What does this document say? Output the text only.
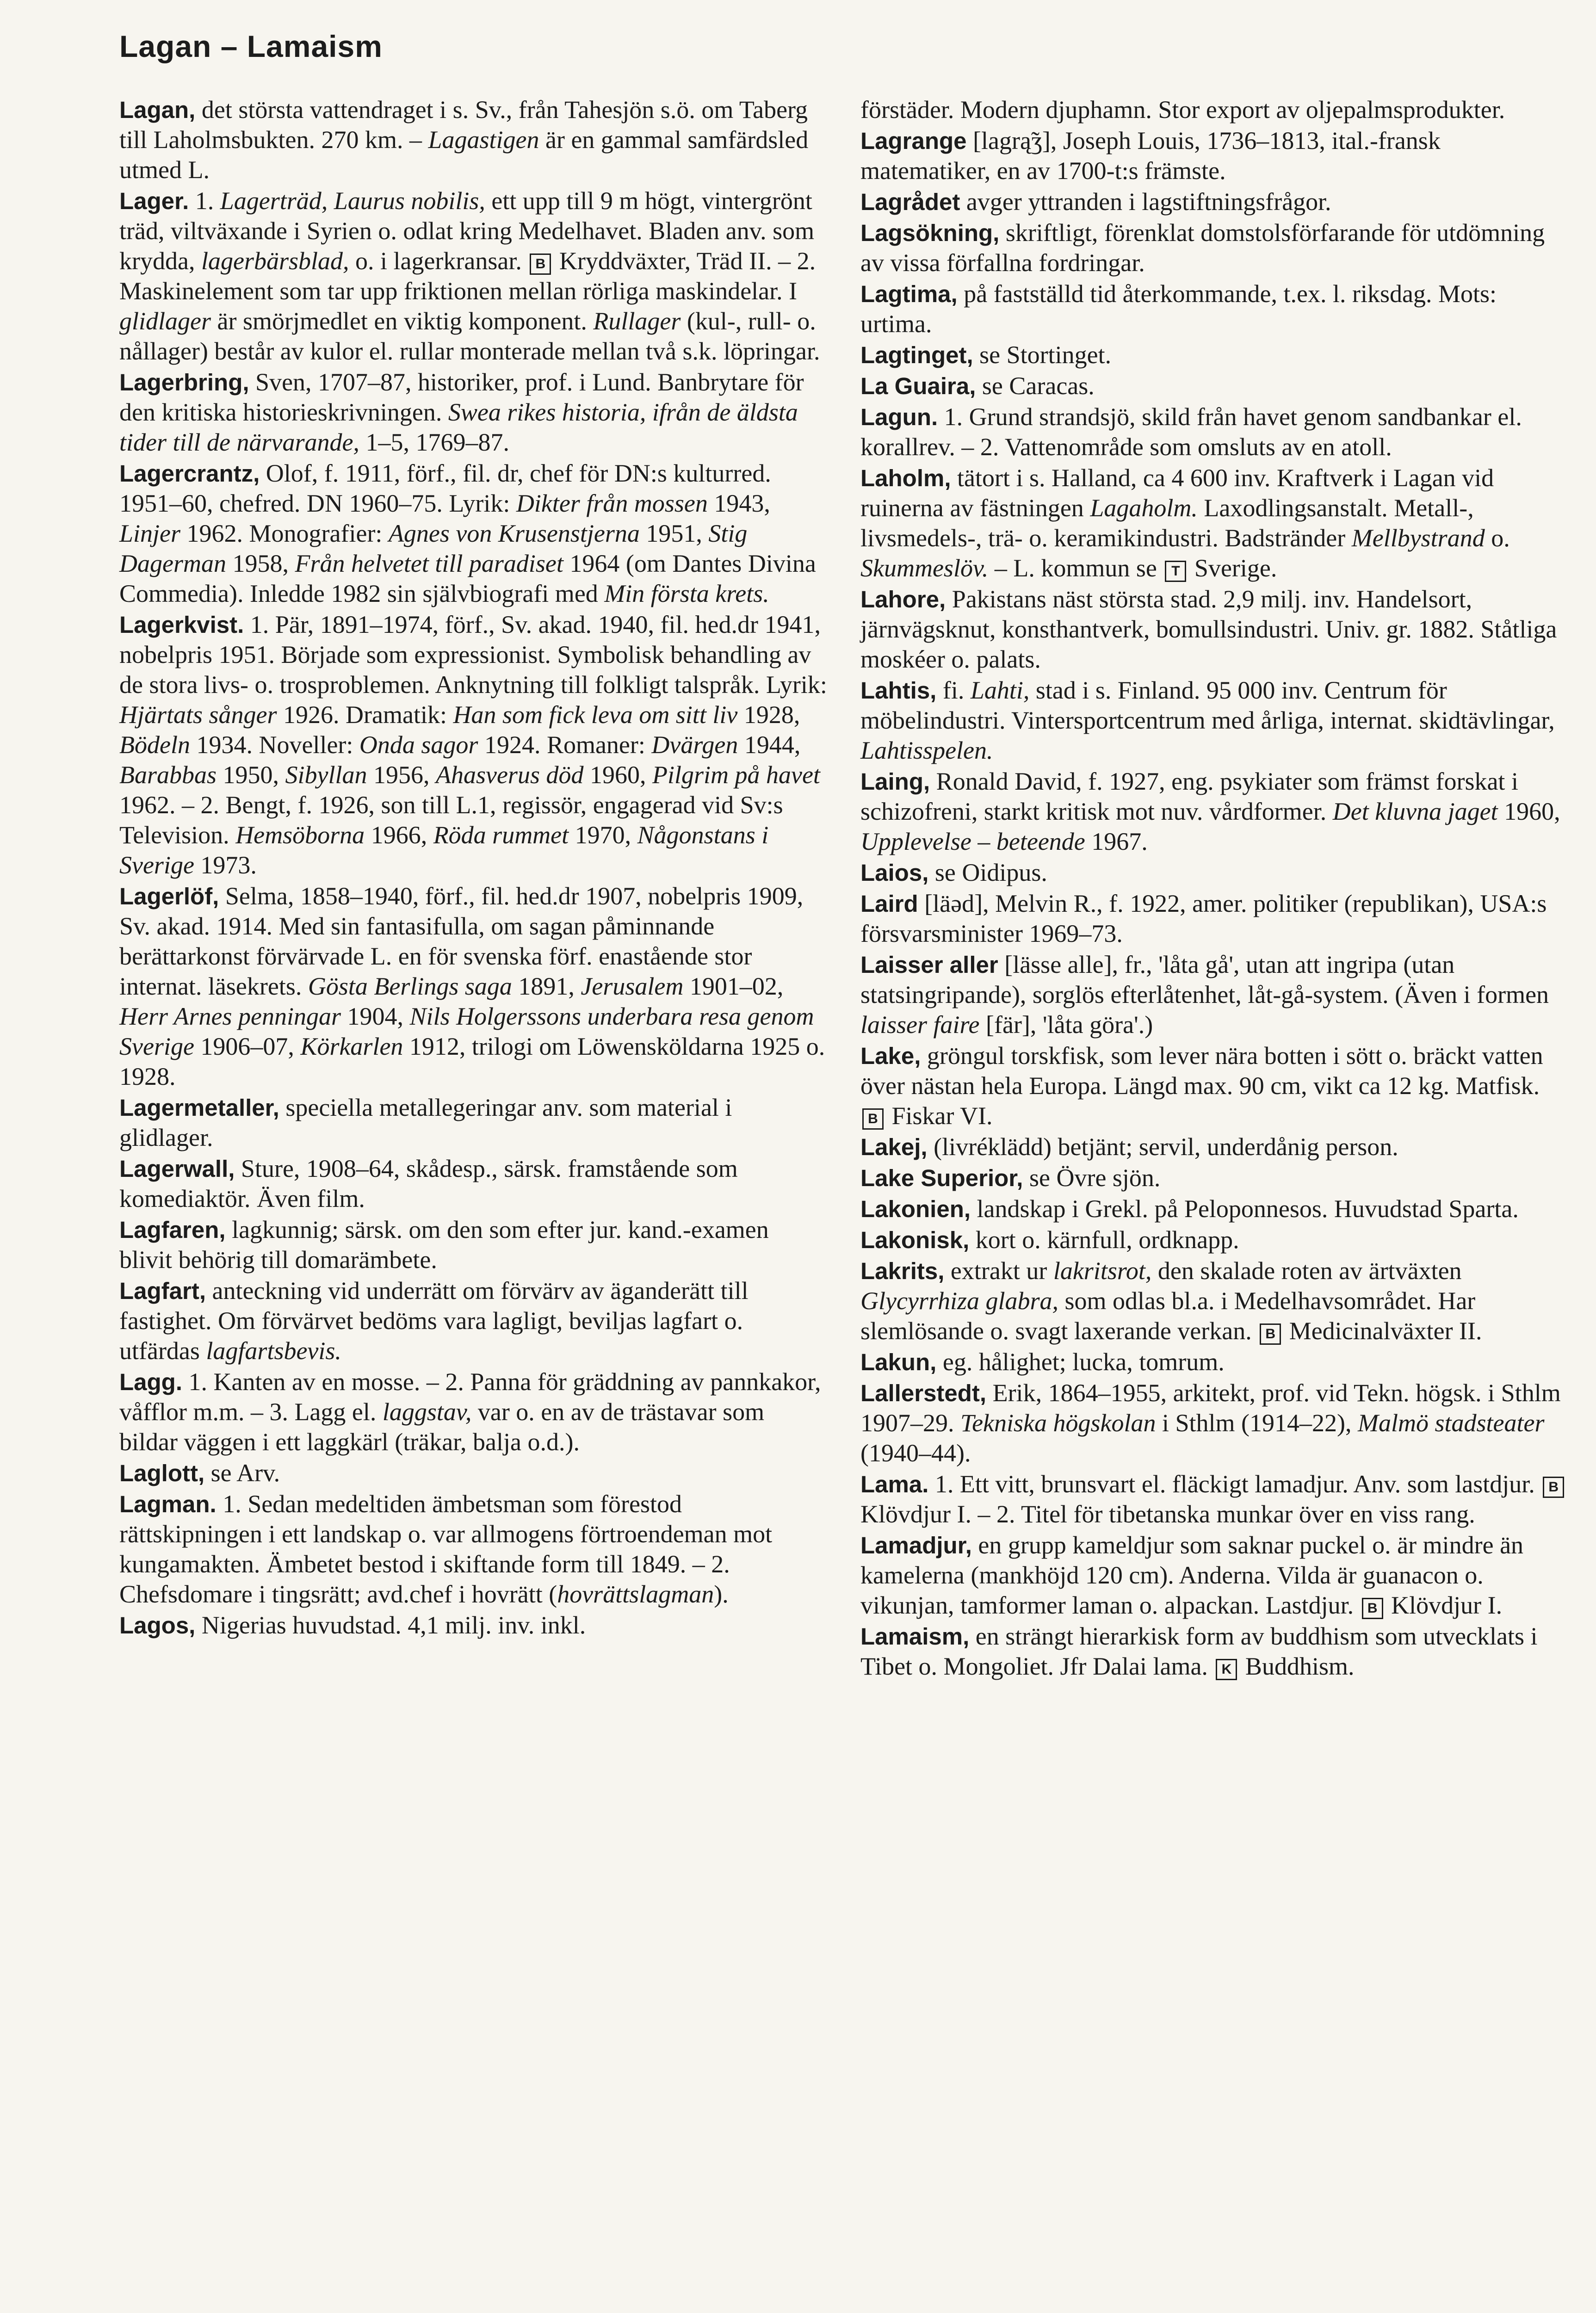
Lagan – Lamaism
Lagan, det största vattendraget i s. Sv., från Tahesjön s.ö. om Taberg till Laholmsbukten. 270 km. – Lagastigen är en gammal samfärdsled utmed L.
Lager. 1. Lagerträd, Laurus nobilis, ett upp till 9 m högt, vintergrönt träd, viltväxande i Syrien o. odlat kring Medelhavet. Bladen anv. som krydda, lagerbärsblad, o. i lagerkransar. B Kryddväxter, Träd II. – 2. Maskinelement som tar upp friktionen mellan rörliga maskindelar. I glidlager är smörjmedlet en viktig komponent. Rullager (kul-, rull- o. nållager) består av kulor el. rullar monterade mellan två s.k. löpringar.
Lagerbring, Sven, 1707–87, historiker, prof. i Lund. Banbrytare för den kritiska historieskrivningen. Swea rikes historia, ifrån de äldsta tider till de närvarande, 1–5, 1769–87.
Lagercrantz, Olof, f. 1911, förf., fil. dr, chef för DN:s kulturred. 1951–60, chefred. DN 1960–75. Lyrik: Dikter från mossen 1943, Linjer 1962. Monografier: Agnes von Krusenstjerna 1951, Stig Dagerman 1958, Från helvetet till paradiset 1964 (om Dantes Divina Commedia). Inledde 1982 sin självbiografi med Min första krets.
Lagerkvist. 1. Pär, 1891–1974, förf., Sv. akad. 1940, fil. hed.dr 1941, nobelpris 1951. Började som expressionist. Symbolisk behandling av de stora livs- o. trosproblemen. Anknytning till folkligt talspråk. Lyrik: Hjärtats sånger 1926. Dramatik: Han som fick leva om sitt liv 1928, Bödeln 1934. Noveller: Onda sagor 1924. Romaner: Dvärgen 1944, Barabbas 1950, Sibyllan 1956, Ahasverus död 1960, Pilgrim på havet 1962. – 2. Bengt, f. 1926, son till L.1, regissör, engagerad vid Sv:s Television. Hemsöborna 1966, Röda rummet 1970, Någonstans i Sverige 1973.
Lagerlöf, Selma, 1858–1940, förf., fil. hed.dr 1907, nobelpris 1909, Sv. akad. 1914. Med sin fantasifulla, om sagan påminnande berättarkonst förvärvade L. en för svenska förf. enastående stor internat. läsekrets. Gösta Berlings saga 1891, Jerusalem 1901–02, Herr Arnes penningar 1904, Nils Holgerssons underbara resa genom Sverige 1906–07, Körkarlen 1912, trilogi om Löwensköldarna 1925 o. 1928.
Lagermetaller, speciella metallegeringar anv. som material i glidlager.
Lagerwall, Sture, 1908–64, skådesp., särsk. framstående som komediaktör. Även film.
Lagfaren, lagkunnig; särsk. om den som efter jur. kand.-examen blivit behörig till domarämbete.
Lagfart, anteckning vid underrätt om förvärv av äganderätt till fastighet. Om förvärvet bedöms vara lagligt, beviljas lagfart o. utfärdas lagfartsbevis.
Lagg. 1. Kanten av en mosse. – 2. Panna för gräddning av pannkakor, våfflor m.m. – 3. Lagg el. laggstav, var o. en av de trästavar som bildar väggen i ett laggkärl (träkar, balja o.d.).
Laglott, se Arv.
Lagman. 1. Sedan medeltiden ämbetsman som förestod rättskipningen i ett landskap o. var allmogens förtroendeman mot kungamakten. Ämbetet bestod i skiftande form till 1849. – 2. Chefsdomare i tingsrätt; avd.chef i hovrätt (hovrättslagman).
Lagos, Nigerias huvudstad. 4,1 milj. inv. inkl.
förstäder. Modern djuphamn. Stor export av oljepalmsprodukter.
Lagrange [lagrą̃ʒ], Joseph Louis, 1736–1813, ital.-fransk matematiker, en av 1700-t:s främste.
Lagrådet avger yttranden i lagstiftningsfrågor.
Lagsökning, skriftligt, förenklat domstolsförfarande för utdömning av vissa förfallna fordringar.
Lagtima, på fastställd tid återkommande, t.ex. l. riksdag. Mots: urtima.
Lagtinget, se Stortinget.
La Guaira, se Caracas.
Lagun. 1. Grund strandsjö, skild från havet genom sandbankar el. korallrev. – 2. Vattenområde som omsluts av en atoll.
Laholm, tätort i s. Halland, ca 4 600 inv. Kraftverk i Lagan vid ruinerna av fästningen Lagaholm. Laxodlingsanstalt. Metall-, livsmedels-, trä- o. keramikindustri. Badstränder Mellbystrand o. Skummeslöv. – L. kommun se T Sverige.
Lahore, Pakistans näst största stad. 2,9 milj. inv. Handelsort, järnvägsknut, konsthantverk, bomullsindustri. Univ. gr. 1882. Ståtliga moskéer o. palats.
Lahtis, fi. Lahti, stad i s. Finland. 95 000 inv. Centrum för möbelindustri. Vintersportcentrum med årliga, internat. skidtävlingar, Lahtisspelen.
Laing, Ronald David, f. 1927, eng. psykiater som främst forskat i schizofreni, starkt kritisk mot nuv. vårdformer. Det kluvna jaget 1960, Upplevelse – beteende 1967.
Laios, se Oidipus.
Laird [läәd], Melvin R., f. 1922, amer. politiker (republikan), USA:s försvarsminister 1969–73.
Laisser aller [lässe alle], fr., 'låta gå', utan att ingripa (utan statsingripande), sorglös efterlåtenhet, låt-gå-system. (Även i formen laisser faire [fär], 'låta göra'.)
Lake, gröngul torskfisk, som lever nära botten i sött o. bräckt vatten över nästan hela Europa. Längd max. 90 cm, vikt ca 12 kg. Matfisk. B Fiskar VI.
Lakej, (livréklädd) betjänt; servil, underdånig person.
Lake Superior, se Övre sjön.
Lakonien, landskap i Grekl. på Peloponnesos. Huvudstad Sparta.
Lakonisk, kort o. kärnfull, ordknapp.
Lakrits, extrakt ur lakritsrot, den skalade roten av ärtväxten Glycyrrhiza glabra, som odlas bl.a. i Medelhavsområdet. Har slemlösande o. svagt laxerande verkan. B Medicinalväxter II.
Lakun, eg. hålighet; lucka, tomrum.
Lallerstedt, Erik, 1864–1955, arkitekt, prof. vid Tekn. högsk. i Sthlm 1907–29. Tekniska högskolan i Sthlm (1914–22), Malmö stadsteater (1940–44).
Lama. 1. Ett vitt, brunsvart el. fläckigt lamadjur. Anv. som lastdjur. B Klövdjur I. – 2. Titel för tibetanska munkar över en viss rang.
Lamadjur, en grupp kameldjur som saknar puckel o. är mindre än kamelerna (mankhöjd 120 cm). Anderna. Vilda är guanacon o. vikunjan, tamformer laman o. alpackan. Lastdjur. B Klövdjur I.
Lamaism, en strängt hierarkisk form av buddhism som utvecklats i Tibet o. Mongoliet. Jfr Dalai lama. K Buddhism.
